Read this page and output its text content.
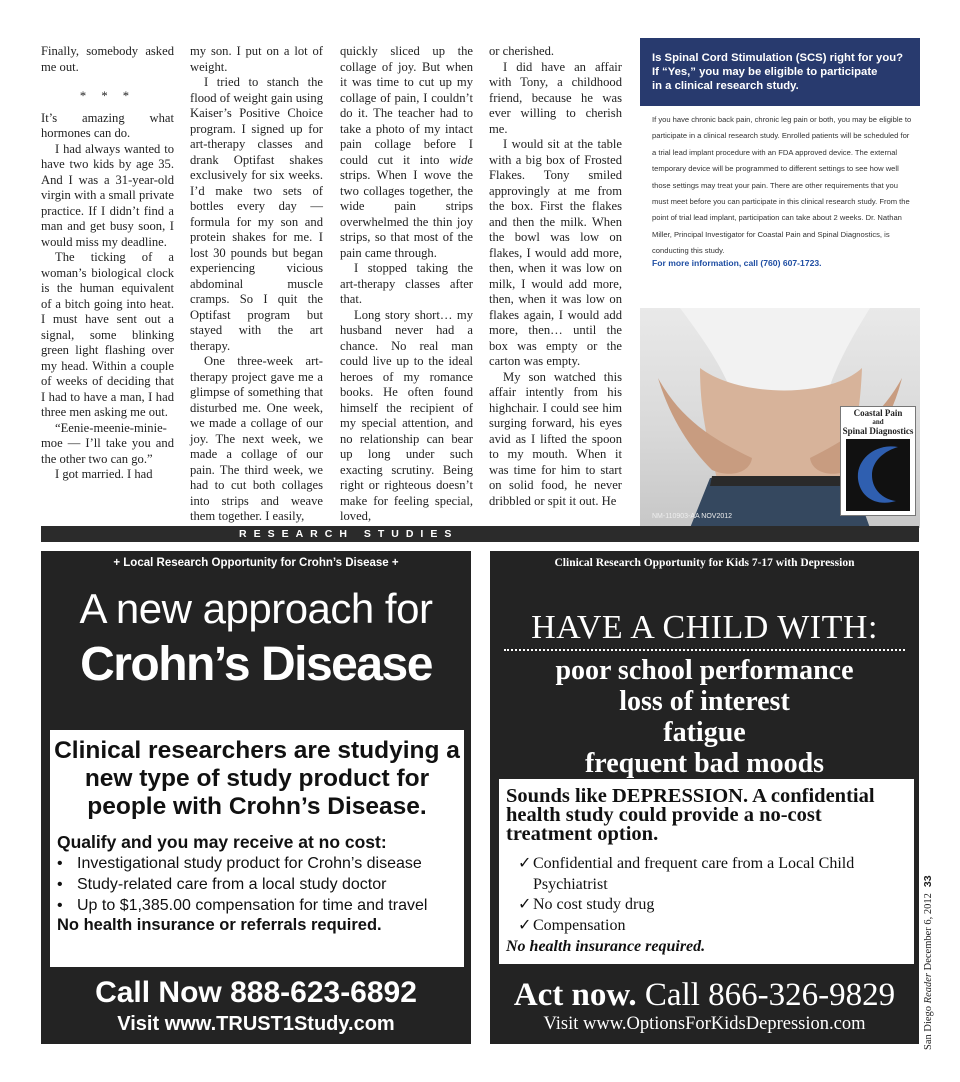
Finally, somebody asked me out.

* * *

It’s amazing what hormones can do.

I had always wanted to have two kids by age 35. And I was a 31-year-old virgin with a small private practice. If I didn’t find a man and get busy soon, I would miss my deadline.

The ticking of a woman’s biological clock is the human equivalent of a bitch going into heat. I must have sent out a signal, some blinking green light flashing over my head. Within a couple of weeks of deciding that I had to have a man, I had three men asking me out.

“Eenie-meenie-minie-moe — I’ll take you and the other two can go.”

I got married. I had

my son. I put on a lot of weight.

I tried to stanch the flood of weight gain using Kaiser’s Positive Choice program. I signed up for art-therapy classes and drank Optifast shakes exclusively for six weeks. I’d make two sets of bottles every day — formula for my son and protein shakes for me. I lost 30 pounds but began experiencing vicious abdominal muscle cramps. So I quit the Optifast program but stayed with the art therapy.

One three-week art-therapy project gave me a glimpse of something that disturbed me. One week, we made a collage of our joy. The next week, we made a collage of our pain. The third week, we had to cut both collages into strips and weave them together. I easily,

quickly sliced up the collage of joy. But when it was time to cut up my collage of pain, I couldn’t do it. The teacher had to take a photo of my intact pain collage before I could cut it into wide strips. When I wove the two collages together, the wide pain strips overwhelmed the thin joy strips, so that most of the pain came through.

I stopped taking the art-therapy classes after that.

Long story short… my husband never had a chance. No real man could live up to the ideal heroes of my romance books. He often found himself the recipient of my special attention, and no relationship can bear up long under such exacting scrutiny. Being right or righteous doesn’t make for feeling special, loved,

or cherished.

I did have an affair with Tony, a childhood friend, because he was ever willing to cherish me.

I would sit at the table with a big box of Frosted Flakes. Tony smiled approvingly at me from the box. First the flakes and then the milk. When the bowl was low on flakes, I would add more, then, when it was low on milk, I would add more, then, when it was low on flakes again, I would add more, then… until the box was empty or the carton was empty.

My son watched this affair intently from his highchair. I could see him surging forward, his eyes avid as I lifted the spoon to my mouth. When it was time for him to start on solid food, he never dribbled or spit it out. He

Is Spinal Cord Stimulation (SCS) right for you?
If “Yes,” you may be eligible to participate
in a clinical research study.
If you have chronic back pain, chronic leg pain or both, you may be eligible to participate in a clinical research study. Enrolled patients will be scheduled for a trial lead implant procedure with an FDA approved device. The external temporary device will be programmed to different settings to see how well those settings may treat your pain. There are other requirements that you must meet before you can participate in this clinical research study. From the point of trial lead implant, participation can take about 2 weeks. Dr. Nathan Miller, Principal Investigator for Coastal Pain and Spinal Diagnostics, is conducting this study.
For more information, call (760) 607-1723.
Coastal Pain
and
Spinal Diagnostics
NM-110903-AA NOV2012
RESEARCH STUDIES
+ Local Research Opportunity for Crohn’s Disease +
A new approach for
Crohn’s Disease
Clinical researchers are studying a new type of study product for people with Crohn’s Disease.
Qualify and you may receive at no cost:
• Investigational study product for Crohn’s disease
• Study-related care from a local study doctor
• Up to $1,385.00 compensation for time and travel
No health insurance or referrals required.
Call Now 888-623-6892
Visit www.TRUST1Study.com
Clinical Research Opportunity for Kids 7-17 with Depression
HAVE A CHILD WITH:
poor school performance
loss of interest
fatigue
frequent bad moods
Sounds like DEPRESSION. A confidential health study could provide a no-cost treatment option.
✓ Confidential and frequent care from a Local Child Psychiatrist
✓ No cost study drug
✓ Compensation
No health insurance required.
Act now. Call 866-326-9829
Visit www.OptionsForKidsDepression.com	San Diego Reader December 6, 201233
